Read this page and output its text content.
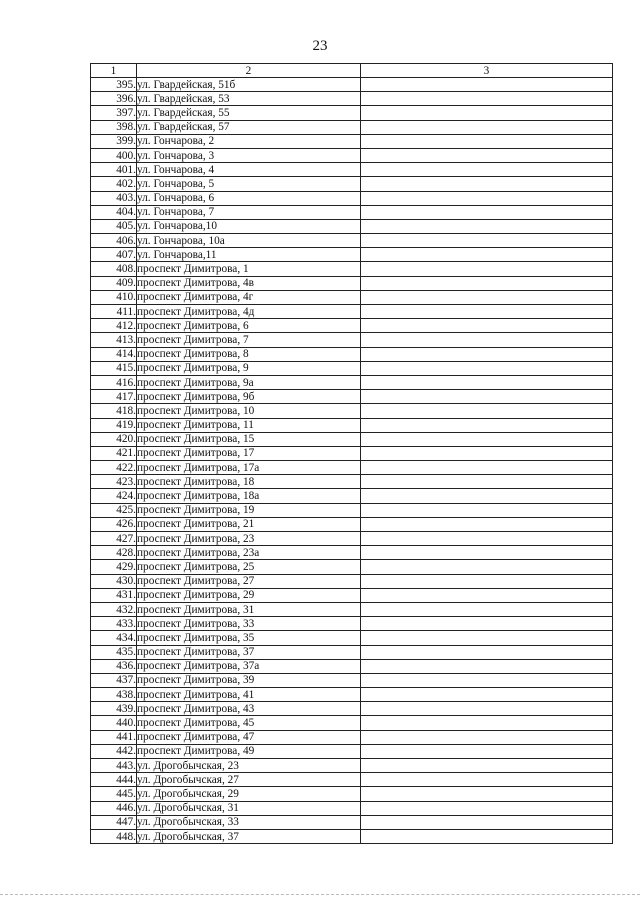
23
1	2	3
395.	ул. Гвардейская, 51б	
396.	ул. Гвардейская, 53	
397.	ул. Гвардейская, 55	
398.	ул. Гвардейская, 57	
399.	ул. Гончарова, 2	
400.	ул. Гончарова, 3	
401.	ул. Гончарова, 4	
402.	ул. Гончарова, 5	
403.	ул. Гончарова, 6	
404.	ул. Гончарова, 7	
405.	ул. Гончарова,10	
406.	ул. Гончарова, 10а	
407.	ул. Гончарова,11	
408.	проспект Димитрова, 1	
409.	проспект Димитрова, 4в	
410.	проспект Димитрова, 4г	
411.	проспект Димитрова, 4д	
412.	проспект Димитрова, 6	
413.	проспект Димитрова, 7	
414.	проспект Димитрова, 8	
415.	проспект Димитрова, 9	
416.	проспект Димитрова, 9а	
417.	проспект Димитрова, 9б	
418.	проспект Димитрова, 10	
419.	проспект Димитрова, 11	
420.	проспект Димитрова, 15	
421.	проспект Димитрова, 17	
422.	проспект Димитрова, 17а	
423.	проспект Димитрова, 18	
424.	проспект Димитрова, 18а	
425.	проспект Димитрова, 19	
426.	проспект Димитрова, 21	
427.	проспект Димитрова, 23	
428.	проспект Димитрова, 23а	
429.	проспект Димитрова, 25	
430.	проспект Димитрова, 27	
431.	проспект Димитрова, 29	
432.	проспект Димитрова, 31	
433.	проспект Димитрова, 33	
434.	проспект Димитрова, 35	
435.	проспект Димитрова, 37	
436.	проспект Димитрова, 37а	
437.	проспект Димитрова, 39	
438.	проспект Димитрова, 41	
439.	проспект Димитрова, 43	
440.	проспект Димитрова, 45	
441.	проспект Димитрова, 47	
442.	проспект Димитрова, 49	
443.	ул. Дрогобычская, 23	
444.	ул. Дрогобычская, 27	
445.	ул. Дрогобычская, 29	
446.	ул. Дрогобычская, 31	
447.	ул. Дрогобычская, 33	
448.	ул. Дрогобычская, 37	
